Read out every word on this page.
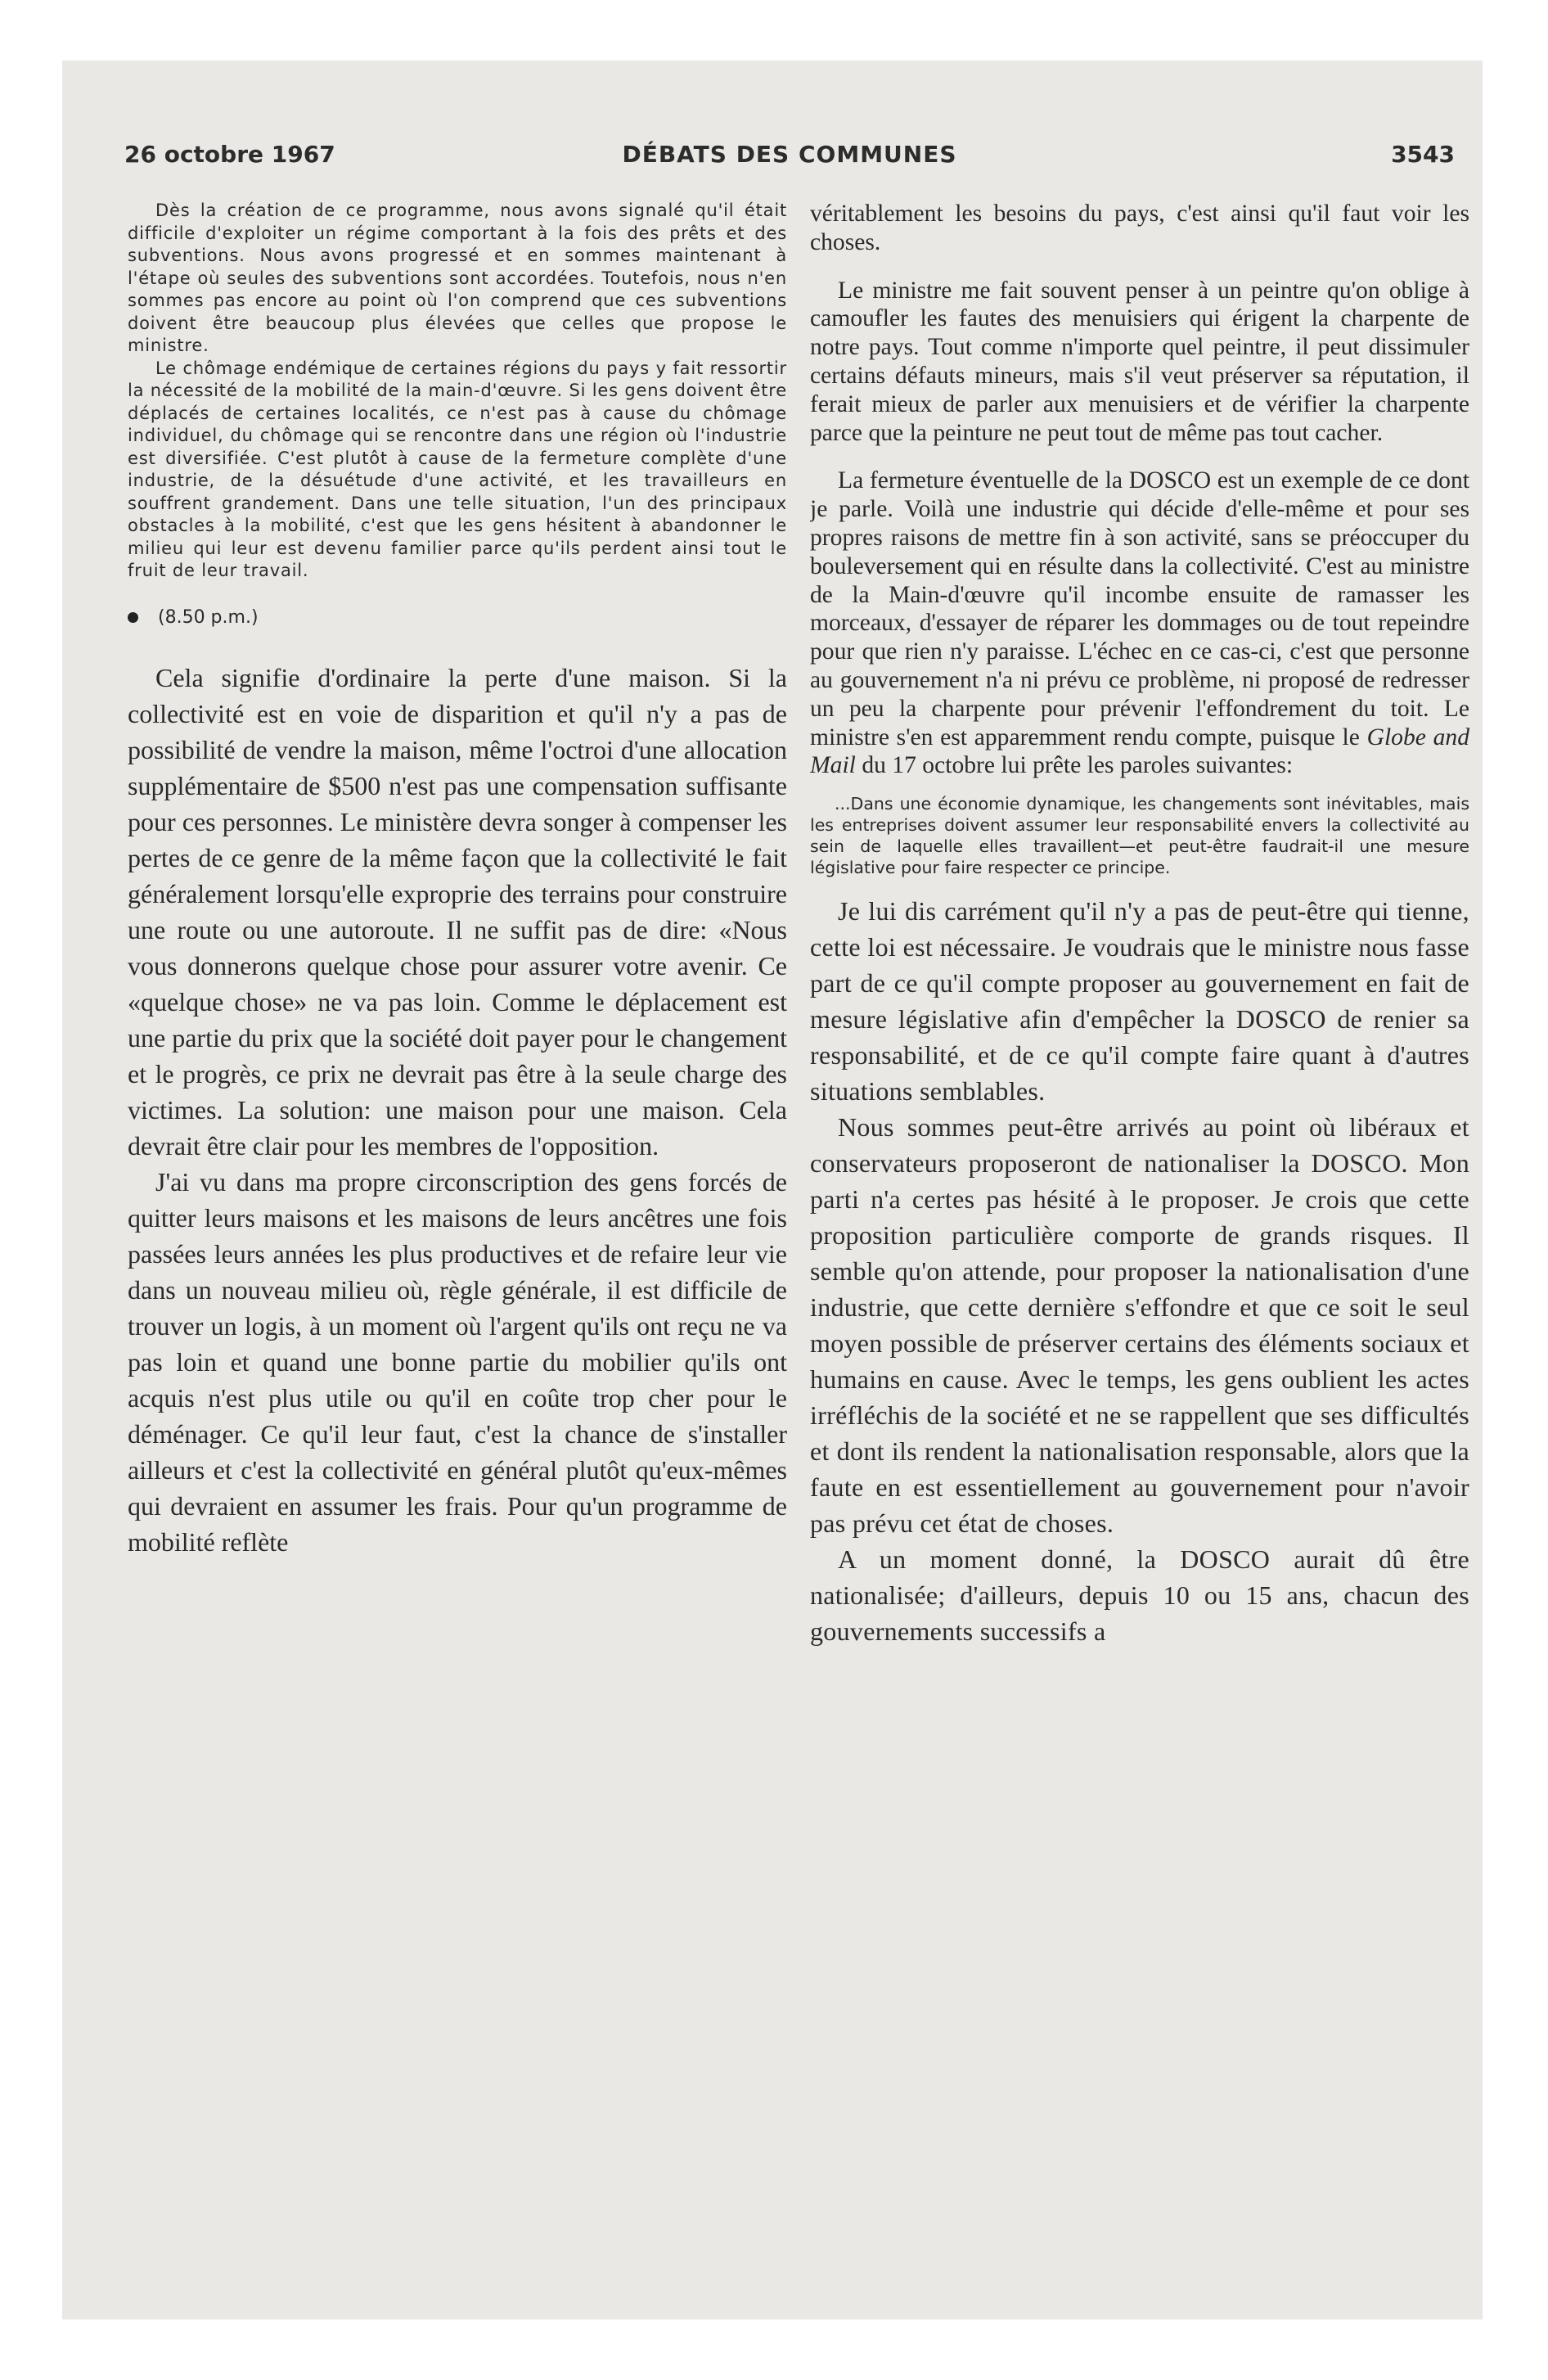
DÉBATS DES COMMUNES
26 octobre 1967	3543

Dès la création de ce programme, nous avons signalé qu'il était difficile d'exploiter un régime comportant à la fois des prêts et des subventions. Nous avons progressé et en sommes maintenant à l'étape où seules des subventions sont accordées. Toutefois, nous n'en sommes pas encore au point où l'on comprend que ces subventions doivent être beaucoup plus élevées que celles que propose le ministre.

Le chômage endémique de certaines régions du pays y fait ressortir la nécessité de la mobilité de la main-d'œuvre. Si les gens doivent être déplacés de certaines localités, ce n'est pas à cause du chômage individuel, du chômage qui se rencontre dans une région où l'industrie est diversifiée. C'est plutôt à cause de la fermeture complète d'une industrie, de la désuétude d'une activité, et les travailleurs en souffrent grandement. Dans une telle situation, l'un des principaux obstacles à la mobilité, c'est que les gens hésitent à abandonner le milieu qui leur est devenu familier parce qu'ils perdent ainsi tout le fruit de leur travail.

(8.50 p.m.)

Cela signifie d'ordinaire la perte d'une maison. Si la collectivité est en voie de disparition et qu'il n'y a pas de possibilité de vendre la maison, même l'octroi d'une allocation supplémentaire de $500 n'est pas une compensation suffisante pour ces personnes. Le ministère devra songer à compenser les pertes de ce genre de la même façon que la collectivité le fait généralement lorsqu'elle exproprie des terrains pour construire une route ou une autoroute. Il ne suffit pas de dire: «Nous vous donnerons quelque chose pour assurer votre avenir. Ce «quelque chose» ne va pas loin. Comme le déplacement est une partie du prix que la société doit payer pour le changement et le progrès, ce prix ne devrait pas être à la seule charge des victimes. La solution: une maison pour une maison. Cela devrait être clair pour les membres de l'opposition.

J'ai vu dans ma propre circonscription des gens forcés de quitter leurs maisons et les maisons de leurs ancêtres une fois passées leurs années les plus productives et de refaire leur vie dans un nouveau milieu où, règle générale, il est difficile de trouver un logis, à un moment où l'argent qu'ils ont reçu ne va pas loin et quand une bonne partie du mobilier qu'ils ont acquis n'est plus utile ou qu'il en coûte trop cher pour le déménager. Ce qu'il leur faut, c'est la chance de s'installer ailleurs et c'est la collectivité en général plutôt qu'eux-mêmes qui devraient en assumer les frais. Pour qu'un programme de mobilité reflète

véritablement les besoins du pays, c'est ainsi qu'il faut voir les choses.

Le ministre me fait souvent penser à un peintre qu'on oblige à camoufler les fautes des menuisiers qui érigent la charpente de notre pays. Tout comme n'importe quel peintre, il peut dissimuler certains défauts mineurs, mais s'il veut préserver sa réputation, il ferait mieux de parler aux menuisiers et de vérifier la charpente parce que la peinture ne peut tout de même pas tout cacher.

La fermeture éventuelle de la DOSCO est un exemple de ce dont je parle. Voilà une industrie qui décide d'elle-même et pour ses propres raisons de mettre fin à son activité, sans se préoccuper du bouleversement qui en résulte dans la collectivité. C'est au ministre de la Main-d'œuvre qu'il incombe ensuite de ramasser les morceaux, d'essayer de réparer les dommages ou de tout repeindre pour que rien n'y paraisse. L'échec en ce cas-ci, c'est que personne au gouvernement n'a ni prévu ce problème, ni proposé de redresser un peu la charpente pour prévenir l'effondrement du toit. Le ministre s'en est apparemment rendu compte, puisque le Globe and Mail du 17 octobre lui prête les paroles suivantes:

...Dans une économie dynamique, les changements sont inévitables, mais les entreprises doivent assumer leur responsabilité envers la collectivité au sein de laquelle elles travaillent—et peut-être faudrait-il une mesure législative pour faire respecter ce principe.

Je lui dis carrément qu'il n'y a pas de peut-être qui tienne, cette loi est nécessaire. Je voudrais que le ministre nous fasse part de ce qu'il compte proposer au gouvernement en fait de mesure législative afin d'empêcher la DOSCO de renier sa responsabilité, et de ce qu'il compte faire quant à d'autres situations semblables.

Nous sommes peut-être arrivés au point où libéraux et conservateurs proposeront de nationaliser la DOSCO. Mon parti n'a certes pas hésité à le proposer. Je crois que cette proposition particulière comporte de grands risques. Il semble qu'on attende, pour proposer la nationalisation d'une industrie, que cette dernière s'effondre et que ce soit le seul moyen possible de préserver certains des éléments sociaux et humains en cause. Avec le temps, les gens oublient les actes irréfléchis de la société et ne se rappellent que ses difficultés et dont ils rendent la nationalisation responsable, alors que la faute en est essentiellement au gouvernement pour n'avoir pas prévu cet état de choses.

A un moment donné, la DOSCO aurait dû être nationalisée; d'ailleurs, depuis 10 ou 15 ans, chacun des gouvernements successifs a
